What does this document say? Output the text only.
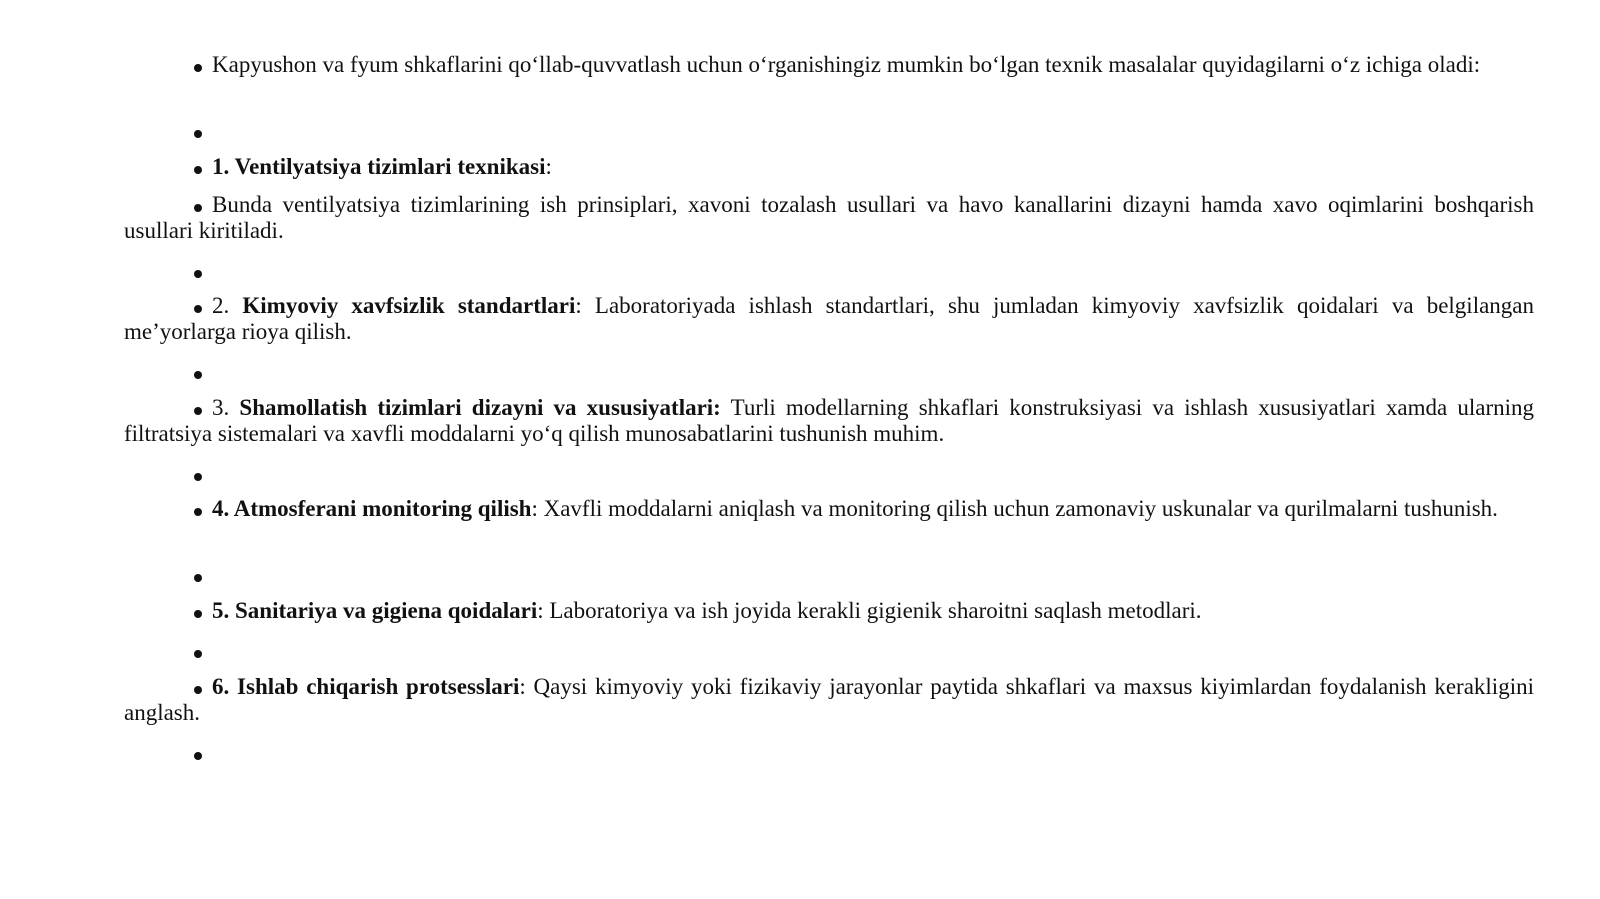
Kapyushon va fyum shkaflarini qo‘llab-quvvatlash uchun o‘rganishingiz mumkin bo‘lgan texnik masalalar quyidagilarni o‘z ichiga oladi:
1. Ventilyatsiya tizimlari texnikasi:
Bunda ventilyatsiya tizimlarining ish prinsiplari, xavoni tozalash usullari va havo kanallarini dizayni hamda xavo oqimlarini boshqarish usullari kiritiladi.
2. Kimyoviy xavfsizlik standartlari: Laboratoriyada ishlash standartlari, shu jumladan kimyoviy xavfsizlik qoidalari va belgilangan me’yorlarga rioya qilish.
3. Shamollatish tizimlari dizayni va xususiyatlari: Turli modellarning shkaflari konstruksiyasi va ishlash xususiyatlari xamda ularning filtratsiya sistemalari va xavfli moddalarni yo‘q qilish munosabatlarini tushunish muhim.
4. Atmosferani monitoring qilish: Xavfli moddalarni aniqlash va monitoring qilish uchun zamonaviy uskunalar va qurilmalarni tushunish.
5. Sanitariya va gigiena qoidalari: Laboratoriya va ish joyida kerakli gigienik sharoitni saqlash metodlari.
6. Ishlab chiqarish protsesslari: Qaysi kimyoviy yoki fizikaviy jarayonlar paytida shkaflari va maxsus kiyimlardan foydalanish kerakligini anglash.
